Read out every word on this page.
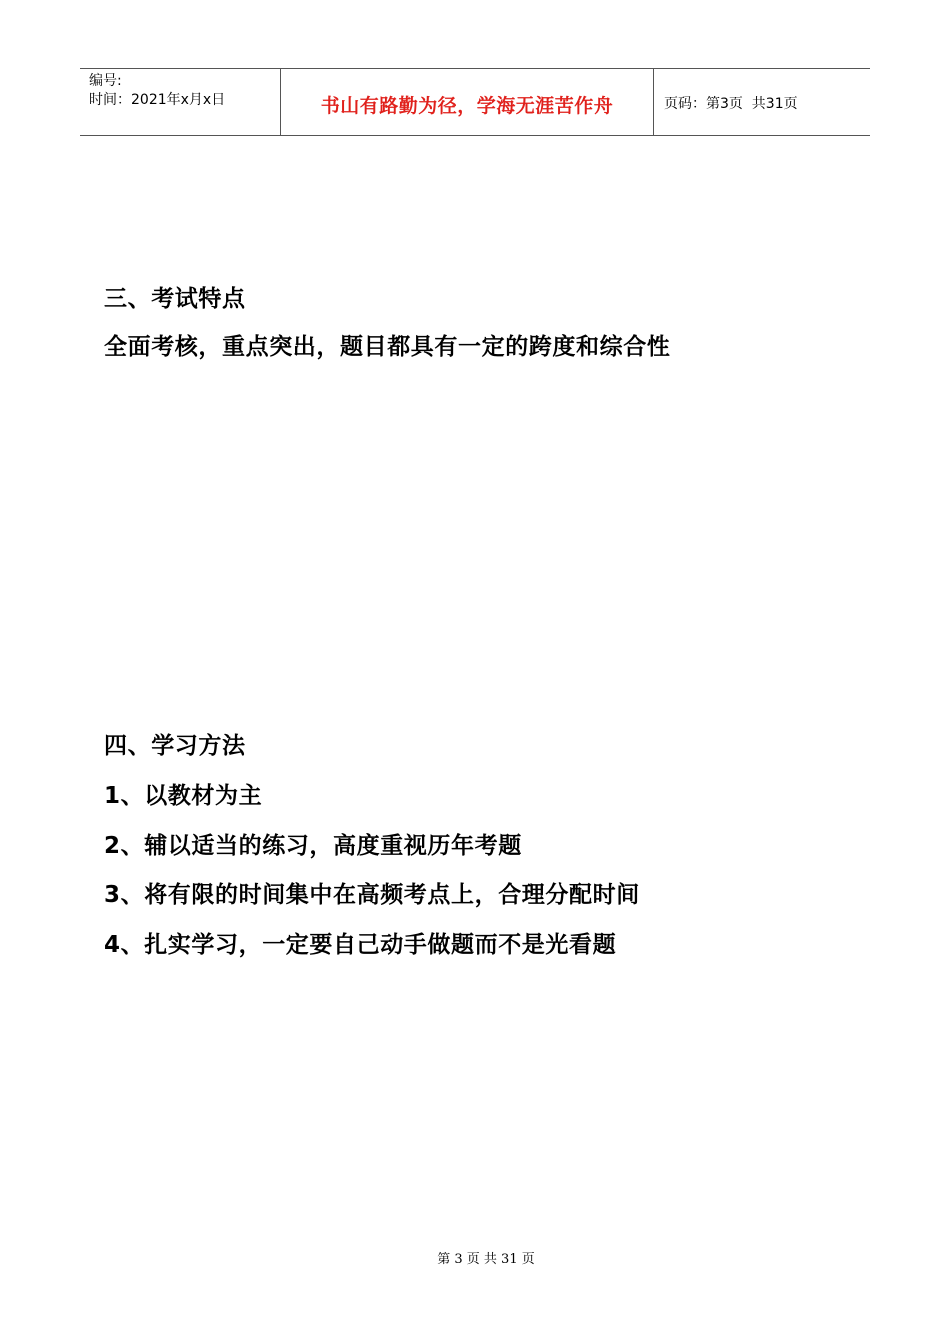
编号:
时间：2021年x月x日	书山有路勤为径，学海无涯苦作舟	页码：第3页  共31页

三、考试特点

全面考核，重点突出，题目都具有一定的跨度和综合性

四、学习方法

1、以教材为主

2、辅以适当的练习，高度重视历年考题

3、将有限的时间集中在高频考点上，合理分配时间

4、扎实学习，一定要自己动手做题而不是光看题

第 3 页 共 31 页
